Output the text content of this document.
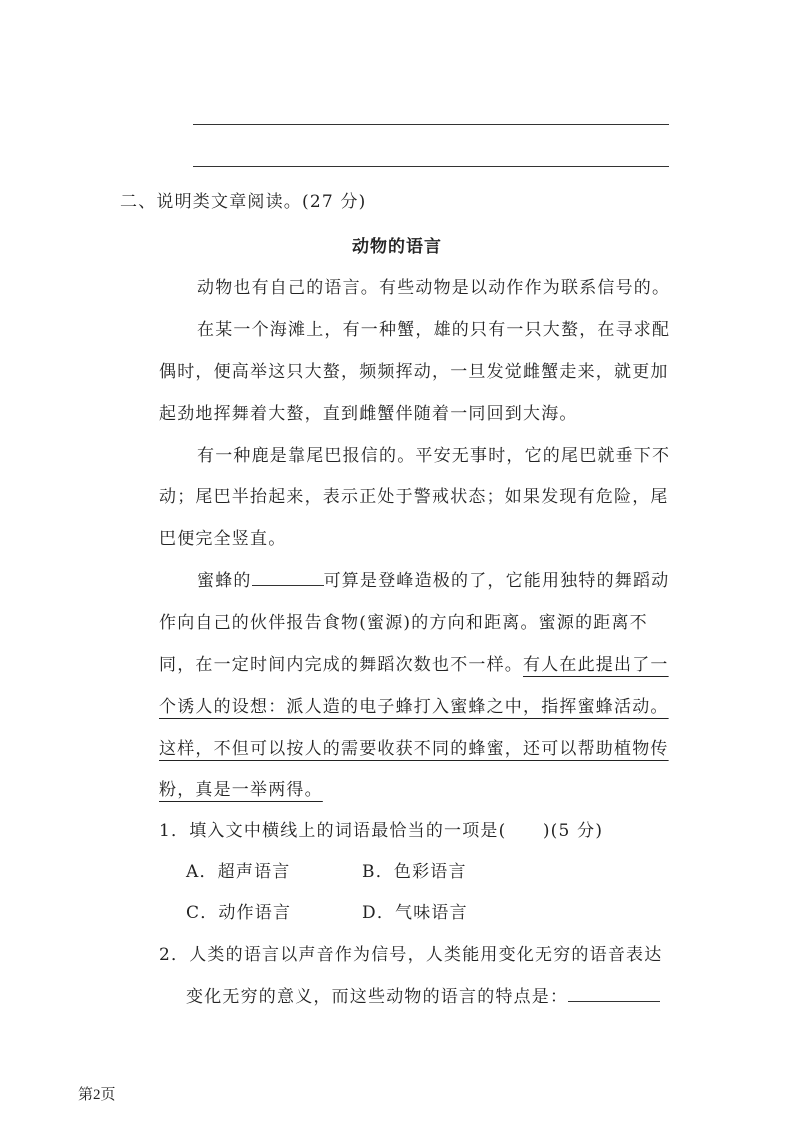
二、说明类文章阅读。(27 分)
动物的语言
动物也有自己的语言。有些动物是以动作作为联系信号的。
在某一个海滩上，有一种蟹，雄的只有一只大螯，在寻求配
偶时，便高举这只大螯，频频挥动，一旦发觉雌蟹走来，就更加
起劲地挥舞着大螯，直到雌蟹伴随着一同回到大海。
有一种鹿是靠尾巴报信的。平安无事时，它的尾巴就垂下不
动；尾巴半抬起来，表示正处于警戒状态；如果发现有危险，尾
巴便完全竖直。
蜜蜂的	可算是登峰造极的了，它能用独特的舞蹈动
作向自己的伙伴报告食物(蜜源)的方向和距离。蜜源的距离不
同，在一定时间内完成的舞蹈次数也不一样。有人在此提出了一
个诱人的设想：派人造的电子蜂打入蜜蜂之中，指挥蜜蜂活动。
这样，不但可以按人的需要收获不同的蜂蜜，还可以帮助植物传
粉，真是一举两得。
1．填入文中横线上的词语最恰当的一项是(　　)(5 分)
A．超声语言	B．色彩语言
C．动作语言	D．气味语言
2．人类的语言以声音作为信号，人类能用变化无穷的语音表达
变化无穷的意义，而这些动物的语言的特点是：
第2页
